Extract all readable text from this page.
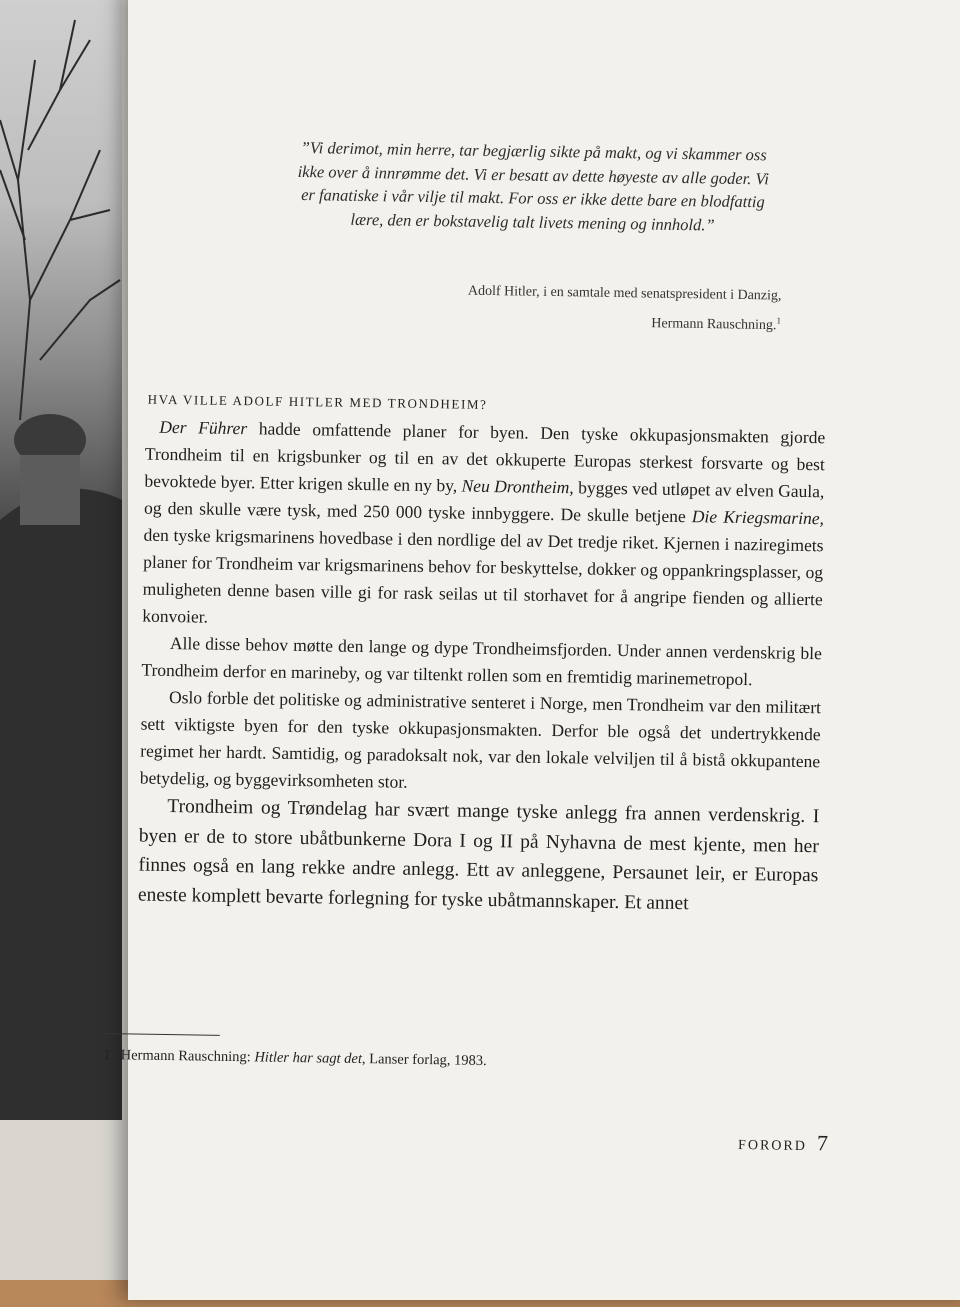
”Vi derimot, min herre, tar begjærlig sikte på makt, og vi skammer oss ikke over å innrømme det. Vi er besatt av dette høyeste av alle goder. Vi er fanatiske i vår vilje til makt. For oss er ikke dette bare en blodfattig lære, den er bokstavelig talt livets mening og innhold.”
Adolf Hitler, i en samtale med senatspresident i Danzig,
Hermann Rauschning.$^1$
HVA VILLE ADOLF HITLER MED TRONDHEIM?

Der Führer hadde omfattende planer for byen. Den tyske okkupasjonsmakten gjorde Trondheim til en krigsbunker og til en av det okkuperte Europas sterkest forsvarte og best bevoktede byer. Etter krigen skulle en ny by, Neu Drontheim, bygges ved utløpet av elven Gaula, og den skulle være tysk, med 250 000 tyske innbyggere. De skulle betjene Die Kriegsmarine, den tyske krigsmarinens hovedbase i den nordlige del av Det tredje riket. Kjernen i naziregimets planer for Trondheim var krigsmarinens behov for beskyttelse, dokker og oppankringsplasser, og muligheten denne basen ville gi for rask seilas ut til storhavet for å angripe fienden og allierte konvoier.

Alle disse behov møtte den lange og dype Trondheimsfjorden. Under annen verdenskrig ble Trondheim derfor en marineby, og var tiltenkt rollen som en fremtidig marinemetropol.

Oslo forble det politiske og administrative senteret i Norge, men Trondheim var den militært sett viktigste byen for den tyske okkupasjonsmakten. Derfor ble også det undertrykkende regimet her hardt. Samtidig, og paradoksalt nok, var den lokale velviljen til å bistå okkupantene betydelig, og byggevirksomheten stor.

Trondheim og Trøndelag har svært mange tyske anlegg fra annen verdenskrig. I byen er de to store ubåtbunkerne Dora I og II på Nyhavna de mest kjente, men her finnes også en lang rekke andre anlegg. Ett av anleggene, Persaunet leir, er Europas eneste komplett bevarte forlegning for tyske ubåtmannskaper. Et annet

1 Hermann Rauschning: Hitler har sagt det, Lanser forlag, 1983.
FORORD 7
